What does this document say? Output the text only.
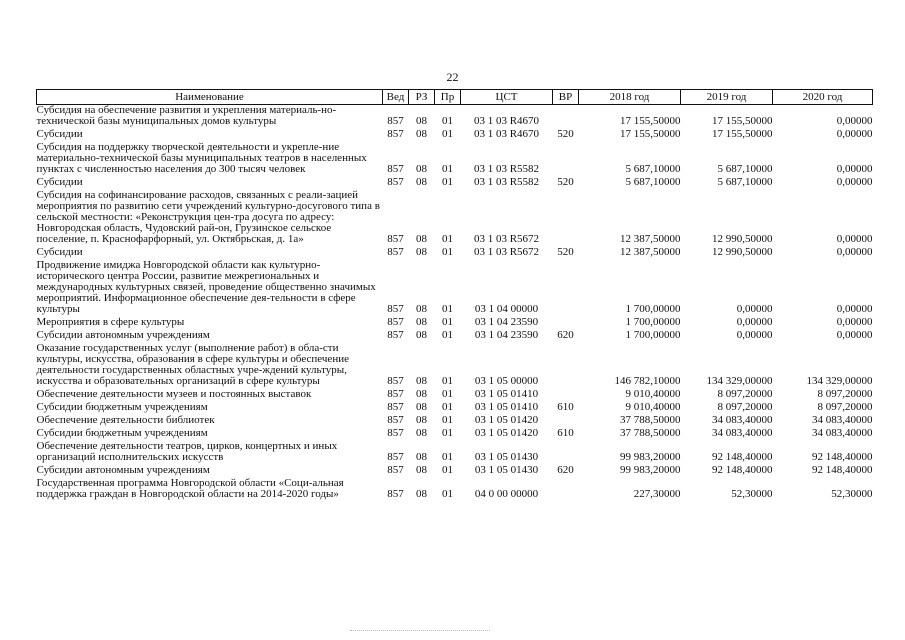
22
Наименование	Вед	РЗ	Пр	ЦСТ	ВР	2018 год	2019 год	2020 год
Субсидия на обеспечение развития и укрепления материаль-но-технической базы муниципальных домов культуры	857	08	01	03 1 03 R4670		17 155,50000	17 155,50000	0,00000
Субсидии	857	08	01	03 1 03 R4670	520	17 155,50000	17 155,50000	0,00000
Субсидия на поддержку творческой деятельности и укрепле-ние материально-технической базы муниципальных театров в населенных пунктах с численностью населения до 300 тысяч человек	857	08	01	03 1 03 R5582		5 687,10000	5 687,10000	0,00000
Субсидии	857	08	01	03 1 03 R5582	520	5 687,10000	5 687,10000	0,00000
Субсидия на софинансирование расходов, связанных с реали-зацией мероприятия по развитию сети учреждений культурно-досугового типа в сельской местности: «Реконструкция цен-тра досуга по адресу: Новгородская область, Чудовский рай-он, Грузинское сельское поселение, п. Краснофарфорный, ул. Октябрьская, д. 1а»	857	08	01	03 1 03 R5672		12 387,50000	12 990,50000	0,00000
Субсидии	857	08	01	03 1 03 R5672	520	12 387,50000	12 990,50000	0,00000
Продвижение имиджа Новгородской области как культурно-исторического центра России, развитие межрегиональных и международных культурных связей, проведение общественно значимых мероприятий. Информационное обеспечение дея-тельности в сфере культуры	857	08	01	03 1 04 00000		1 700,00000	0,00000	0,00000
Мероприятия в сфере культуры	857	08	01	03 1 04 23590		1 700,00000	0,00000	0,00000
Субсидии автономным учреждениям	857	08	01	03 1 04 23590	620	1 700,00000	0,00000	0,00000
Оказание государственных услуг (выполнение работ) в обла-сти культуры, искусства, образования в сфере культуры и обеспечение деятельности государственных областных учре-ждений культуры, искусства и образовательных организаций в сфере культуры	857	08	01	03 1 05 00000		146 782,10000	134 329,00000	134 329,00000
Обеспечение деятельности музеев и постоянных выставок	857	08	01	03 1 05 01410		9 010,40000	8 097,20000	8 097,20000
Субсидии бюджетным учреждениям	857	08	01	03 1 05 01410	610	9 010,40000	8 097,20000	8 097,20000
Обеспечение деятельности библиотек	857	08	01	03 1 05 01420		37 788,50000	34 083,40000	34 083,40000
Субсидии бюджетным учреждениям	857	08	01	03 1 05 01420	610	37 788,50000	34 083,40000	34 083,40000
Обеспечение деятельности театров, цирков, концертных и иных организаций исполнительских искусств	857	08	01	03 1 05 01430		99 983,20000	92 148,40000	92 148,40000
Субсидии автономным учреждениям	857	08	01	03 1 05 01430	620	99 983,20000	92 148,40000	92 148,40000
Государственная программа Новгородской области «Соци-альная поддержка граждан в Новгородской области на 2014-2020 годы»	857	08	01	04 0 00 00000		227,30000	52,30000	52,30000
